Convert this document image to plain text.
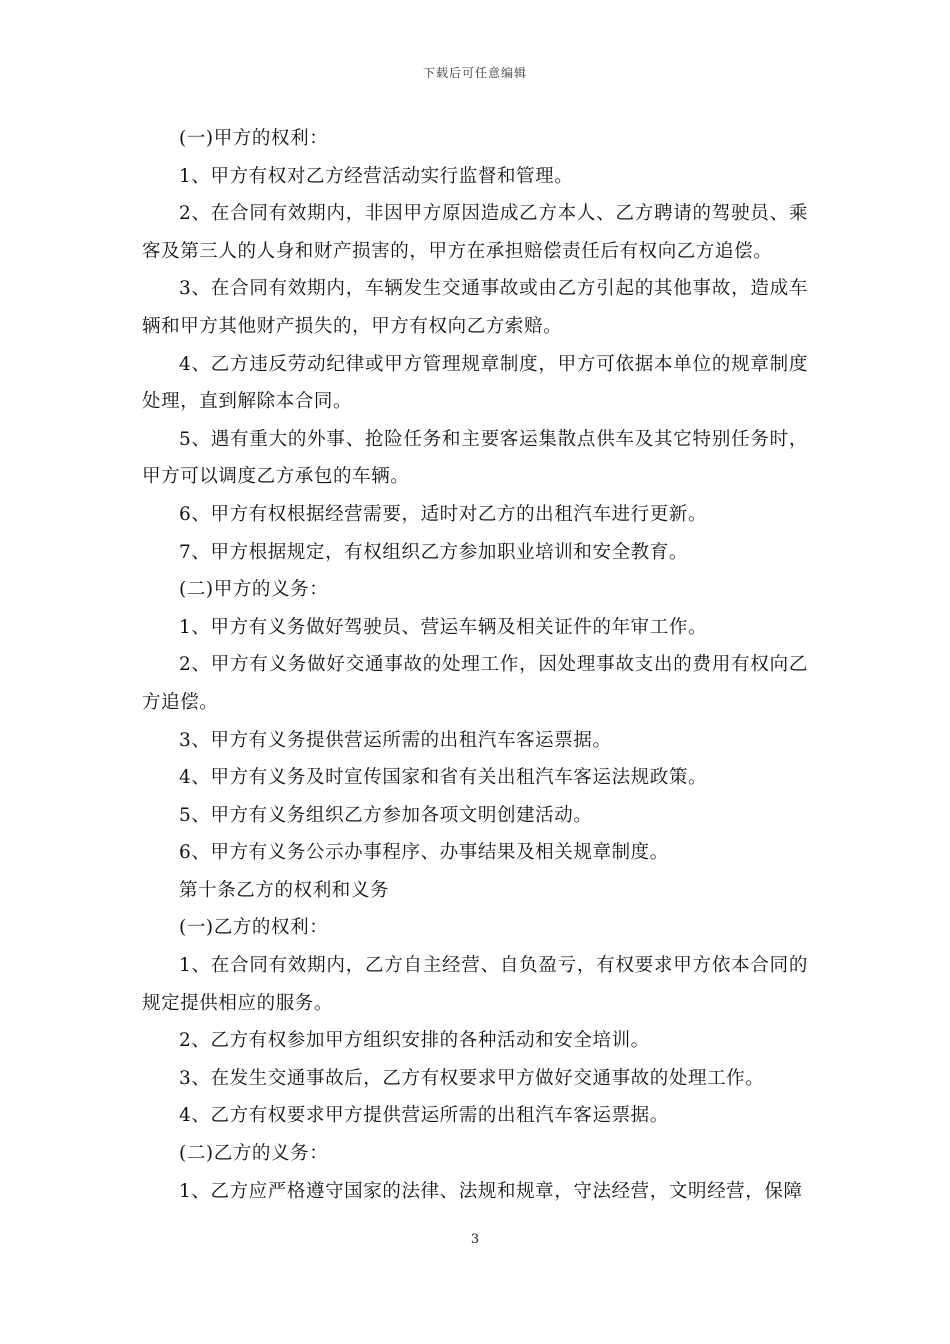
下载后可任意编辑

(一)甲方的权利：

1、甲方有权对乙方经营活动实行监督和管理。

2、在合同有效期内，非因甲方原因造成乙方本人、乙方聘请的驾驶员、乘客及第三人的人身和财产损害的，甲方在承担赔偿责任后有权向乙方追偿。

3、在合同有效期内，车辆发生交通事故或由乙方引起的其他事故，造成车辆和甲方其他财产损失的，甲方有权向乙方索赔。

4、乙方违反劳动纪律或甲方管理规章制度，甲方可依据本单位的规章制度处理，直到解除本合同。

5、遇有重大的外事、抢险任务和主要客运集散点供车及其它特别任务时，甲方可以调度乙方承包的车辆。

6、甲方有权根据经营需要，适时对乙方的出租汽车进行更新。

7、甲方根据规定，有权组织乙方参加职业培训和安全教育。

(二)甲方的义务：

1、甲方有义务做好驾驶员、营运车辆及相关证件的年审工作。

2、甲方有义务做好交通事故的处理工作，因处理事故支出的费用有权向乙方追偿。

3、甲方有义务提供营运所需的出租汽车客运票据。

4、甲方有义务及时宣传国家和省有关出租汽车客运法规政策。

5、甲方有义务组织乙方参加各项文明创建活动。

6、甲方有义务公示办事程序、办事结果及相关规章制度。

第十条乙方的权利和义务

(一)乙方的权利：

1、在合同有效期内，乙方自主经营、自负盈亏，有权要求甲方依本合同的规定提供相应的服务。

2、乙方有权参加甲方组织安排的各种活动和安全培训。

3、在发生交通事故后，乙方有权要求甲方做好交通事故的处理工作。

4、乙方有权要求甲方提供营运所需的出租汽车客运票据。

(二)乙方的义务：

1、乙方应严格遵守国家的法律、法规和规章，守法经营，文明经营，保障

3
